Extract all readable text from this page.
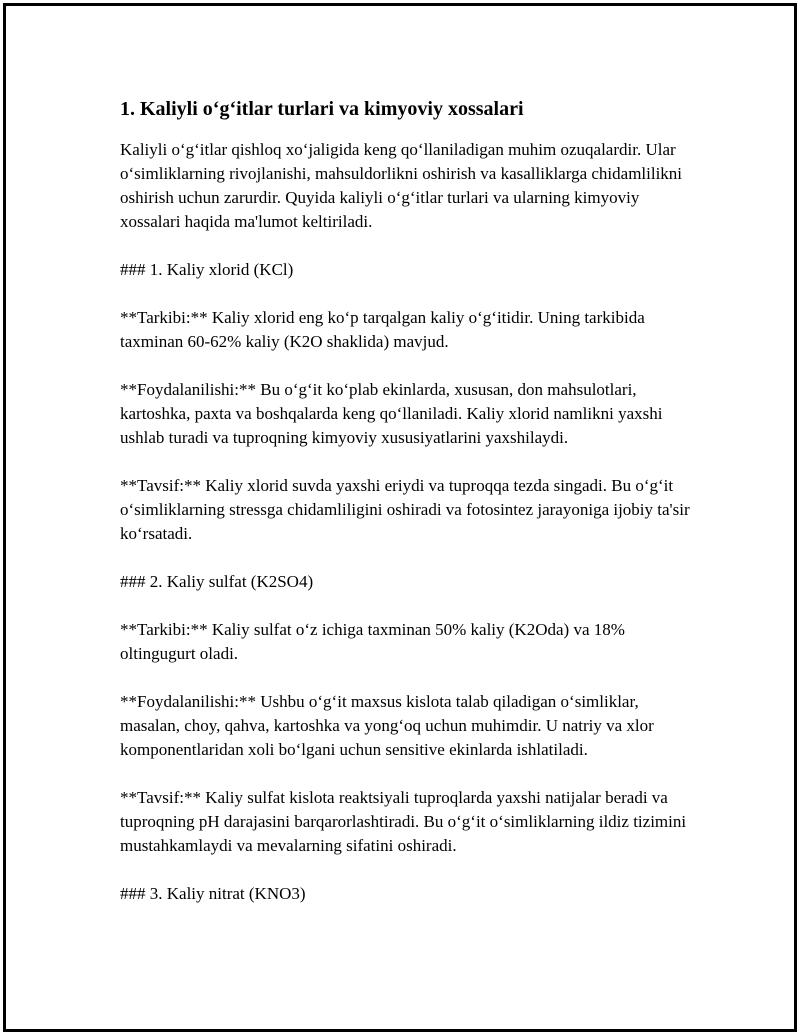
1. Kaliyli o‘g‘itlar turlari va kimyoviy xossalari

Kaliyli o‘g‘itlar qishloq xo‘jaligida keng qo‘llaniladigan muhim ozuqalardir. Ular o‘simliklarning rivojlanishi, mahsuldorlikni oshirish va kasalliklarga chidamlilikni oshirish uchun zarurdir. Quyida kaliyli o‘g‘itlar turlari va ularning kimyoviy xossalari haqida ma'lumot keltiriladi.

### 1. Kaliy xlorid (KCl)

**Tarkibi:** Kaliy xlorid eng ko‘p tarqalgan kaliy o‘g‘itidir. Uning tarkibida taxminan 60-62% kaliy (K2O shaklida) mavjud.

**Foydalanilishi:** Bu o‘g‘it ko‘plab ekinlarda, xususan, don mahsulotlari, kartoshka, paxta va boshqalarda keng qo‘llaniladi. Kaliy xlorid namlikni yaxshi ushlab turadi va tuproqning kimyoviy xususiyatlarini yaxshilaydi.

**Tavsif:** Kaliy xlorid suvda yaxshi eriydi va tuproqqa tezda singadi. Bu o‘g‘it o‘simliklarning stressga chidamliligini oshiradi va fotosintez jarayoniga ijobiy ta'sir ko‘rsatadi.

### 2. Kaliy sulfat (K2SO4)

**Tarkibi:** Kaliy sulfat o‘z ichiga taxminan 50% kaliy (K2Oda) va 18% oltingugurt oladi.

**Foydalanilishi:** Ushbu o‘g‘it maxsus kislota talab qiladigan o‘simliklar, masalan, choy, qahva, kartoshka va yong‘oq uchun muhimdir. U natriy va xlor komponentlaridan xoli bo‘lgani uchun sensitive ekinlarda ishlatiladi.

**Tavsif:** Kaliy sulfat kislota reaktsiyali tuproqlarda yaxshi natijalar beradi va tuproqning pH darajasini barqarorlashtiradi. Bu o‘g‘it o‘simliklarning ildiz tizimini mustahkamlaydi va mevalarning sifatini oshiradi.

### 3. Kaliy nitrat (KNO3)
